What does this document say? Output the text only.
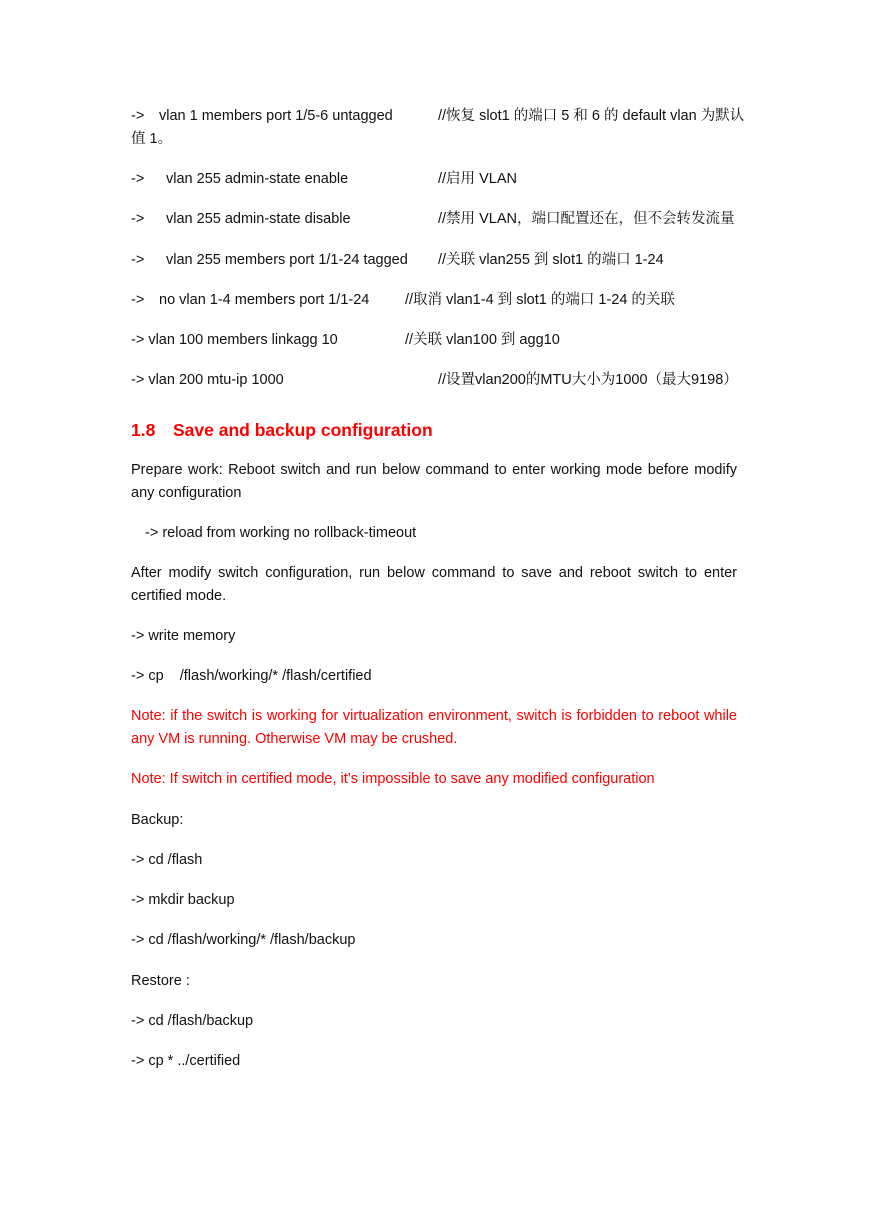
-> vlan 1 members port 1/5-6 untagged	//恢复 slot1 的端口 5 和 6 的 default vlan 为默认
值 1。
-> vlan 255 admin-state enable	//启用 VLAN
-> vlan 255 admin-state disable	//禁用 VLAN，端口配置还在，但不会转发流量
-> vlan 255 members port 1/1-24 tagged //关联 vlan255 到 slot1 的端口 1-24
-> no vlan 1-4 members port 1/1-24 //取消 vlan1-4 到 slot1 的端口 1-24 的关联
-> vlan 100 members linkagg 10	//关联 vlan100 到 agg10
-> vlan 200 mtu-ip 1000	//设置vlan200的MTU大小为1000（最大9198）
1.8 Save and backup configuration
Prepare work: Reboot switch and run below command to enter working mode before modify any configuration
-> reload from working no rollback-timeout
After modify switch configuration, run below command to save and reboot switch to enter certified mode.
-> write memory
-> cp    /flash/working/* /flash/certified
Note: if the switch is working for virtualization environment, switch is forbidden to reboot while any VM is running. Otherwise VM may be crushed.
Note: If switch in certified mode, it’s impossible to save any modified configuration
Backup:
-> cd /flash
-> mkdir backup
-> cd /flash/working/* /flash/backup
Restore :
-> cd /flash/backup
-> cp * ../certified
